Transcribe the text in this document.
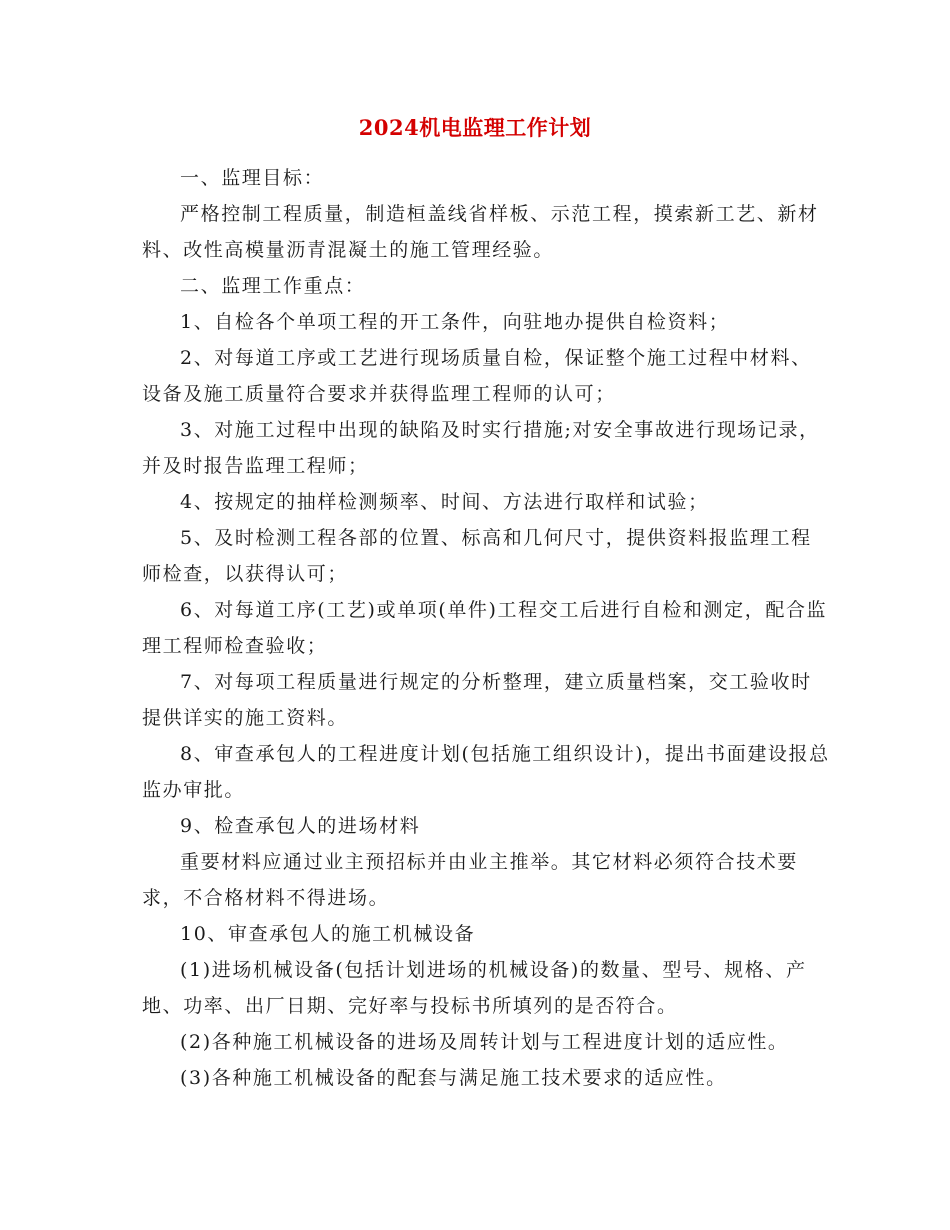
2024机电监理工作计划

一、监理目标：

严格控制工程质量，制造桓盖线省样板、示范工程，摸索新工艺、新材料、改性高模量沥青混凝土的施工管理经验。

二、监理工作重点：

1、自检各个单项工程的开工条件，向驻地办提供自检资料；

2、对每道工序或工艺进行现场质量自检，保证整个施工过程中材料、设备及施工质量符合要求并获得监理工程师的认可；

3、对施工过程中出现的缺陷及时实行措施;对安全事故进行现场记录，并及时报告监理工程师；

4、按规定的抽样检测频率、时间、方法进行取样和试验；

5、及时检测工程各部的位置、标高和几何尺寸，提供资料报监理工程师检查，以获得认可；

6、对每道工序(工艺)或单项(单件)工程交工后进行自检和测定，配合监理工程师检查验收；

7、对每项工程质量进行规定的分析整理，建立质量档案，交工验收时提供详实的施工资料。

8、审查承包人的工程进度计划(包括施工组织设计)，提出书面建设报总监办审批。

9、检查承包人的进场材料

重要材料应通过业主预招标并由业主推举。其它材料必须符合技术要求，不合格材料不得进场。

10、审查承包人的施工机械设备

(1)进场机械设备(包括计划进场的机械设备)的数量、型号、规格、产地、功率、出厂日期、完好率与投标书所填列的是否符合。

(2)各种施工机械设备的进场及周转计划与工程进度计划的适应性。

(3)各种施工机械设备的配套与满足施工技术要求的适应性。
